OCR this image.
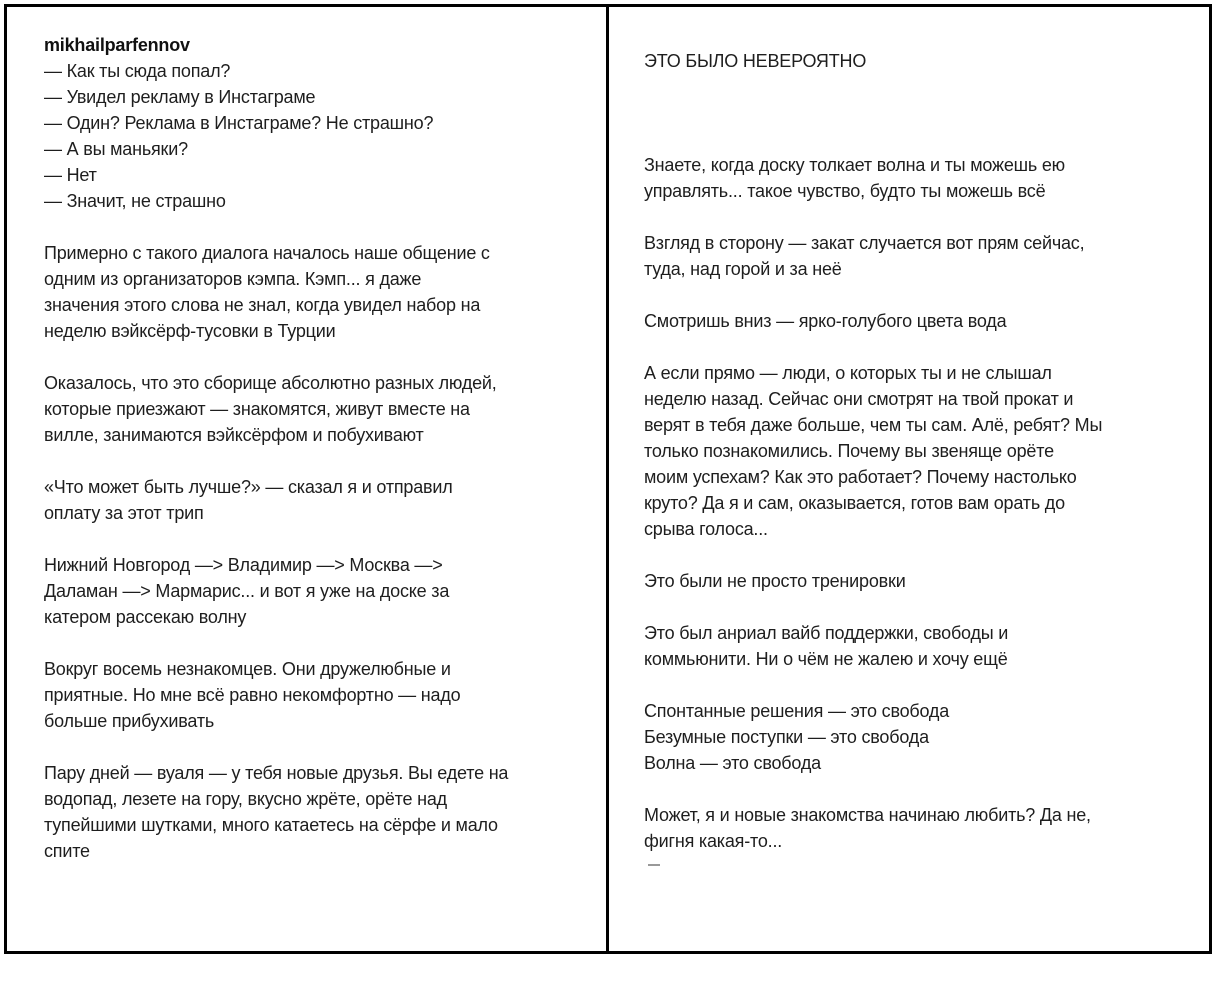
mikhailparfennov
— Как ты сюда попал?
— Увидел рекламу в Инстаграме
— Один? Реклама в Инстаграме? Не страшно?
— А вы маньяки?
— Нет
— Значит, не страшно
Примерно с такого диалога началось наше общение с
одним из организаторов кэмпа. Кэмп... я даже
значения этого слова не знал, когда увидел набор на
неделю вэйксёрф-тусовки в Турции
Оказалось, что это сборище абсолютно разных людей,
которые приезжают — знакомятся, живут вместе на
вилле, занимаются вэйксёрфом и побухивают
«Что может быть лучше?» — сказал я и отправил
оплату за этот трип
Нижний Новгород —> Владимир —> Москва —>
Даламан —> Мармарис... и вот я уже на доске за
катером рассекаю волну
Вокруг восемь незнакомцев. Они дружелюбные и
приятные. Но мне всё равно некомфортно — надо
больше прибухивать
Пару дней — вуаля — у тебя новые друзья. Вы едете на
водопад, лезете на гору, вкусно жрёте, орёте над
тупейшими шутками, много катаетесь на сёрфе и мало
спите
ЭТО БЫЛО НЕВЕРОЯТНО
Знаете, когда доску толкает волна и ты можешь ею
управлять... такое чувство, будто ты можешь всё
Взгляд в сторону — закат случается вот прям сейчас,
туда, над горой и за неё
Смотришь вниз — ярко-голубого цвета вода
А если прямо — люди, о которых ты и не слышал
неделю назад. Сейчас они смотрят на твой прокат и
верят в тебя даже больше, чем ты сам. Алё, ребят? Мы
только познакомились. Почему вы звеняще орёте
моим успехам? Как это работает? Почему настолько
круто? Да я и сам, оказывается, готов вам орать до
срыва голоса...
Это были не просто тренировки
Это был анриал вайб поддержки, свободы и
коммьюнити. Ни о чём не жалею и хочу ещё
Спонтанные решения — это свобода
Безумные поступки — это свобода
Волна — это свобода
Может, я и новые знакомства начинаю любить? Да не,
фигня какая-то...
